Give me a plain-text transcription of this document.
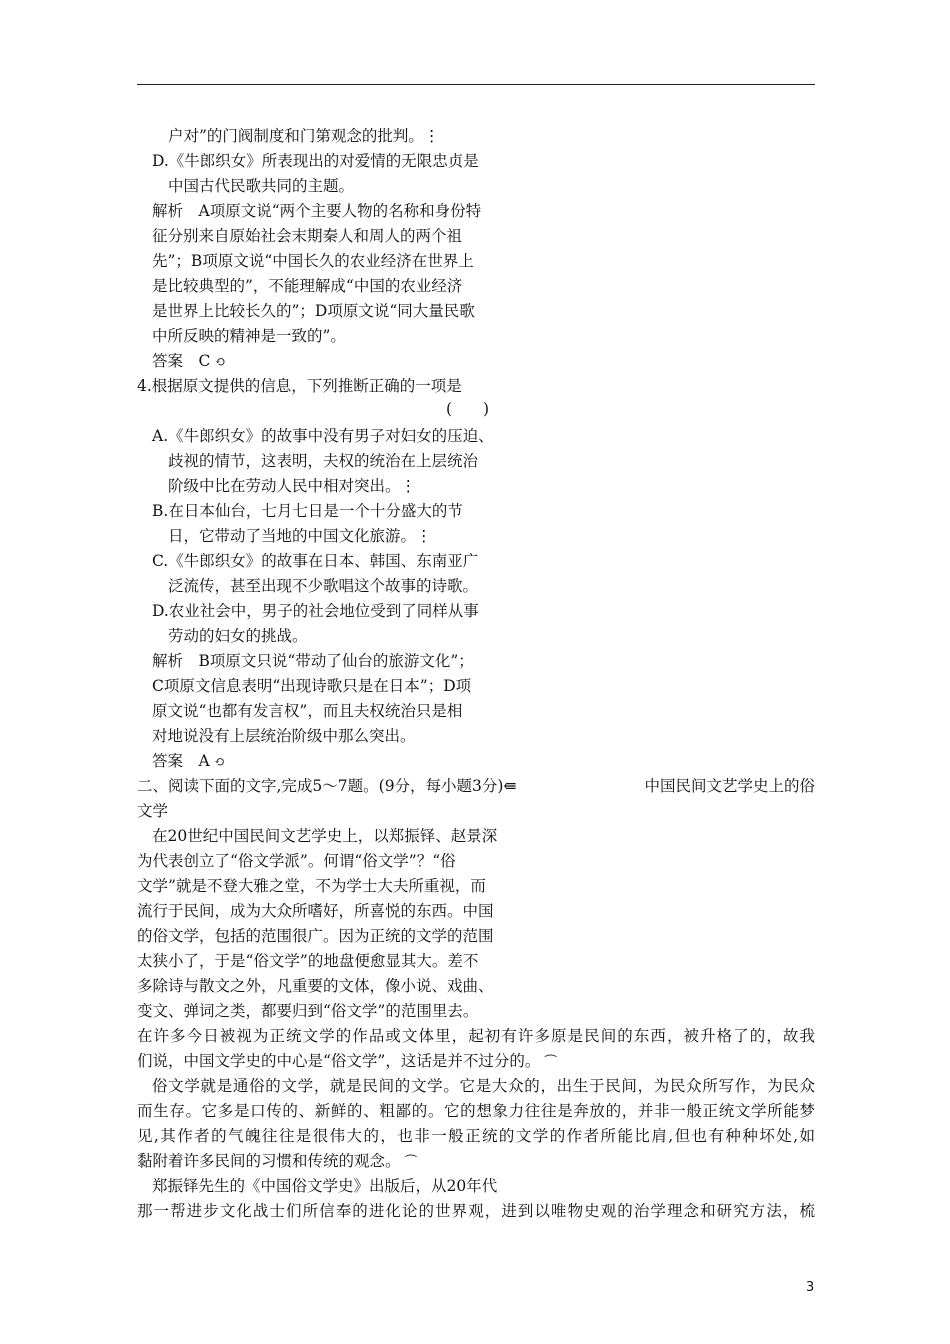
户对”的门阀制度和门第观念的批判。⋮
D.《牛郎织女》所表现出的对爱情的无限忠贞是
中国古代民歌共同的主题。
解析　A项原文说“两个主要人物的名称和身份特
征分别来自原始社会末期秦人和周人的两个祖
先”；B项原文说“中国长久的农业经济在世界上
是比较典型的”，不能理解成“中国的农业经济
是世界上比较长久的”；D项原文说“同大量民歌
中所反映的精神是一致的”。
答案　C ⟲
4.根据原文提供的信息，下列推断正确的一项是
(　　)
A.《牛郎织女》的故事中没有男子对妇女的压迫、
歧视的情节，这表明，夫权的统治在上层统治
阶级中比在劳动人民中相对突出。⋮
B.在日本仙台，七月七日是一个十分盛大的节
日，它带动了当地的中国文化旅游。⋮
C.《牛郎织女》的故事在日本、韩国、东南亚广
泛流传，甚至出现不少歌唱这个故事的诗歌。
D.农业社会中，男子的社会地位受到了同样从事
劳动的妇女的挑战。
解析　B项原文只说“带动了仙台的旅游文化”；
C项原文信息表明“出现诗歌只是在日本”；D项
原文说“也都有发言权”，而且夫权统治只是相
对地说没有上层统治阶级中那么突出。
答案　A ⟲
二、阅读下面的文字,完成5～7题。(9分，每小题3分)⇚	中国民间文艺学史上的俗
文学
在20世纪中国民间文艺学史上，以郑振铎、赵景深
为代表创立了“俗文学派”。何谓“俗文学”？“俗
文学”就是不登大雅之堂，不为学士大夫所重视，而
流行于民间，成为大众所嗜好，所喜悦的东西。中国
的俗文学，包括的范围很广。因为正统的文学的范围
太狭小了，于是“俗文学”的地盘便愈显其大。差不
多除诗与散文之外，凡重要的文体，像小说、戏曲、
变文、弹词之类，都要归到“俗文学”的范围里去。
在许多今日被视为正统文学的作品或文体里，起初有许多原是民间的东西，被升格了的，故我
们说，中国文学史的中心是“俗文学”，这话是并不过分的。 ⏜
俗文学就是通俗的文学，就是民间的文学。它是大众的，出生于民间，为民众所写作，为民众
而生存。它多是口传的、新鲜的、粗鄙的。它的想象力往往是奔放的，并非一般正统文学所能梦
见,其作者的气魄往往是很伟大的，也非一般正统的文学的作者所能比肩,但也有种种坏处,如
黏附着许多民间的习惯和传统的观念。 ⏜
郑振铎先生的《中国俗文学史》出版后，从20年代
那一帮进步文化战士们所信奉的进化论的世界观，进到以唯物史观的治学理念和研究方法，梳
3
